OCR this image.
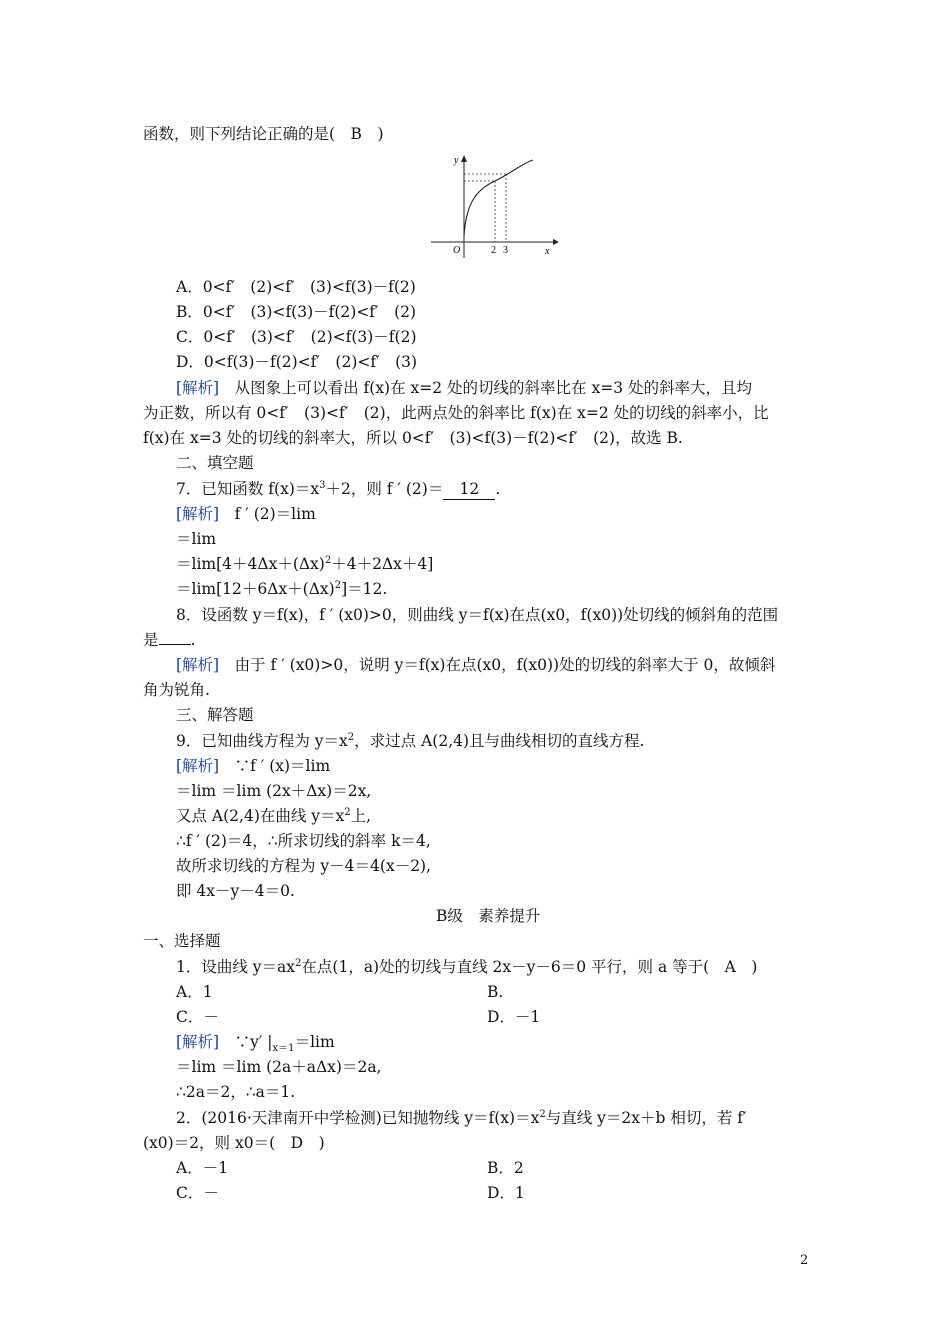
函数，则下列结论正确的是(　B　)
y
x
O	2 3
A．0<f′　(2)<f′　(3)<f(3)－f(2)
B．0<f′　(3)<f(3)－f(2)<f′　(2)
C．0<f′　(3)<f′　(2)<f(3)－f(2)
D．0<f(3)－f(2)<f′　(2)<f′　(3)
[解析]　从图象上可以看出 f(x)在 x=2 处的切线的斜率比在 x=3 处的斜率大，且均
为正数，所以有 0<f′　(3)<f′　(2)，此两点处的斜率比 f(x)在 x=2 处的切线的斜率小，比
f(x)在 x=3 处的切线的斜率大，所以 0<f′　(3)<f(3)－f(2)<f′　(2)，故选 B.
二、填空题
7．已知函数 $f(x)=x^3+2$，则 f ′ (2)＝ 12 .
[解析]　f ′ (2)＝lim
＝lim
$=\lim[4+4\Delta x+(\Delta x)^2+4+2\Delta x+4]$
$=\lim[12+6\Delta x+(\Delta x)^2]=12$.
8．设函数 y＝f(x)，f ′ (x0)>0，则曲线 y＝f(x)在点(x0，f(x0))处切线的倾斜角的范围
是 .
[解析]　由于 f ′ (x0)>0，说明 y＝f(x)在点(x0，f(x0))处的切线的斜率大于 0，故倾斜
角为锐角.
三、解答题
9．已知曲线方程为 $y=x^2$，求过点 A(2,4)且与曲线相切的直线方程.
[解析]　∵f ′ (x)＝lim
＝lim ＝lim (2x＋Δx)＝2x,
又点 A(2,4)在曲线 $y=x^2$上,
∴f ′ (2)＝4，∴所求切线的斜率 k＝4,
故所求切线的方程为 y－4＝4(x－2),
即 4x－y－4＝0.
B级　素养提升
一、选择题
1．设曲线 $y=ax^2$在点(1，a)处的切线与直线 2x－y－6＝0 平行，则 a 等于(　A　)
A．1	B.
C．－	D．－1
[解析]　∵y′ $|_{x=1}=\lim$
＝lim ＝lim (2a＋aΔx)＝2a,
∴2a＝2，∴a＝1.
2．(2016·天津南开中学检测)已知抛物线 $y=f(x)=x^2$与直线 y＝2x＋b 相切，若 f′
(x0)＝2，则 x0＝(　D　)
A．－1	B．2
C．－	D．1
2
